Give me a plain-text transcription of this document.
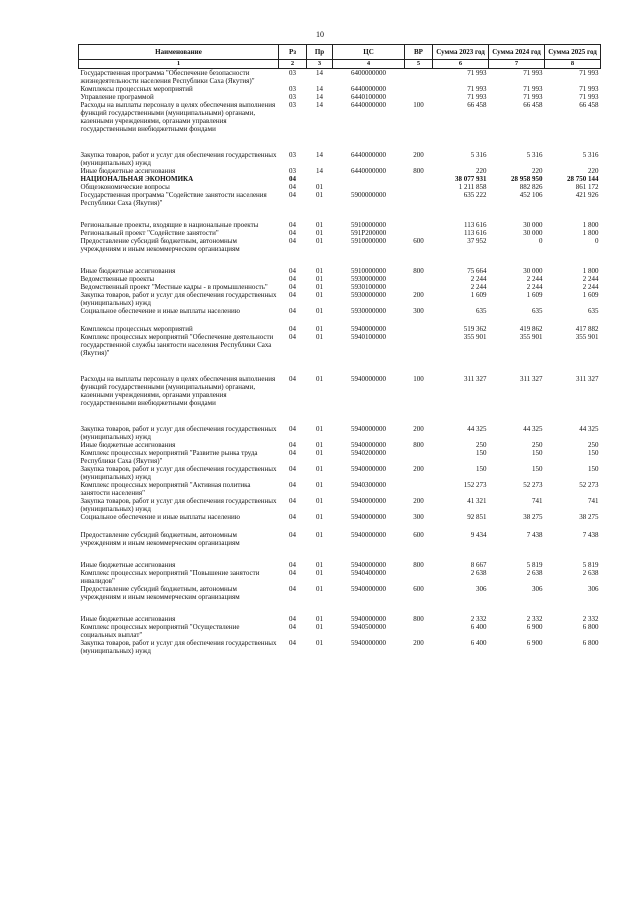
10
Наименование	Рз	Пр	ЦС	ВР	Сумма 2023 год	Сумма 2024 год	Сумма 2025 год
1	2	3	4	5	6	7	8
Государственная программа "Обеспечение безопасности жизнедеятельности населения Республики Саха (Якутия)"	03	14	6400000000		71 993	71 993	71 993
Комплексы процессных мероприятий	03	14	6440000000		71 993	71 993	71 993
Управление программой	03	14	6440100000		71 993	71 993	71 993
Расходы на выплаты персоналу в целях обеспечения выполнения функций государственными (муниципальными) органами, казенными учреждениями, органами управления государственными внебюджетными фондами	03	14	6440000000	100	66 458	66 458	66 458
Закупка товаров, работ и услуг для обеспечения государственных (муниципальных) нужд	03	14	6440000000	200	5 316	5 316	5 316
Иные бюджетные ассигнования	03	14	6440000000	800	220	220	220
НАЦИОНАЛЬНАЯ ЭКОНОМИКА	04				38 077 931	28 958 950	28 750 144
Общеэкономические вопросы	04	01			1 211 858	882 826	861 172
Государственная программа "Содействие занятости населения Республики Саха (Якутия)"	04	01	5900000000		635 222	452 106	421 926
Региональные проекты, входящие в национальные проекты	04	01	5910000000		113 616	30 000	1 800
Региональный проект "Содействие занятости"	04	01	591P200000		113 616	30 000	1 800
Предоставление субсидий бюджетным, автономным учреждениям и иным некоммерческим организациям	04	01	5910000000	600	37 952	0	0
Иные бюджетные ассигнования	04	01	5910000000	800	75 664	30 000	1 800
Ведомственные проекты	04	01	5930000000		2 244	2 244	2 244
Ведомственный проект "Местные кадры - в промышленность"	04	01	5930100000		2 244	2 244	2 244
Закупка товаров, работ и услуг для обеспечения государственных (муниципальных) нужд	04	01	5930000000	200	1 609	1 609	1 609
Социальное обеспечение и иные выплаты населению	04	01	5930000000	300	635	635	635
Комплексы процессных мероприятий	04	01	5940000000		519 362	419 862	417 882
Комплекс процессных мероприятий "Обеспечение деятельности государственной службы занятости населения Республики Саха (Якутия)"	04	01	5940100000		355 901	355 901	355 901
Расходы на выплаты персоналу в целях обеспечения выполнения функций государственными (муниципальными) органами, казенными учреждениями, органами управления государственными внебюджетными фондами	04	01	5940000000	100	311 327	311 327	311 327
Закупка товаров, работ и услуг для обеспечения государственных (муниципальных) нужд	04	01	5940000000	200	44 325	44 325	44 325
Иные бюджетные ассигнования	04	01	5940000000	800	250	250	250
Комплекс процессных мероприятий "Развитие рынка труда Республики Саха (Якутия)"	04	01	5940200000		150	150	150
Закупка товаров, работ и услуг для обеспечения государственных (муниципальных) нужд	04	01	5940000000	200	150	150	150
Комплекс процессных мероприятий "Активная политика занятости населения"	04	01	5940300000		152 273	52 273	52 273
Закупка товаров, работ и услуг для обеспечения государственных (муниципальных) нужд	04	01	5940000000	200	41 321	741	741
Социальное обеспечение и иные выплаты населению	04	01	5940000000	300	92 851	38 275	38 275
Предоставление субсидий бюджетным, автономным учреждениям и иным некоммерческим организациям	04	01	5940000000	600	9 434	7 438	7 438
Иные бюджетные ассигнования	04	01	5940000000	800	8 667	5 819	5 819
Комплекс процессных мероприятий "Повышение занятости инвалидов"	04	01	5940400000		2 638	2 638	2 638
Предоставление субсидий бюджетным, автономным учреждениям и иным некоммерческим организациям	04	01	5940000000	600	306	306	306
Иные бюджетные ассигнования	04	01	5940000000	800	2 332	2 332	2 332
Комплекс процессных мероприятий "Осуществление социальных выплат"	04	01	5940500000		6 400	6 900	6 800
Закупка товаров, работ и услуг для обеспечения государственных (муниципальных) нужд	04	01	5940000000	200	6 400	6 900	6 800
